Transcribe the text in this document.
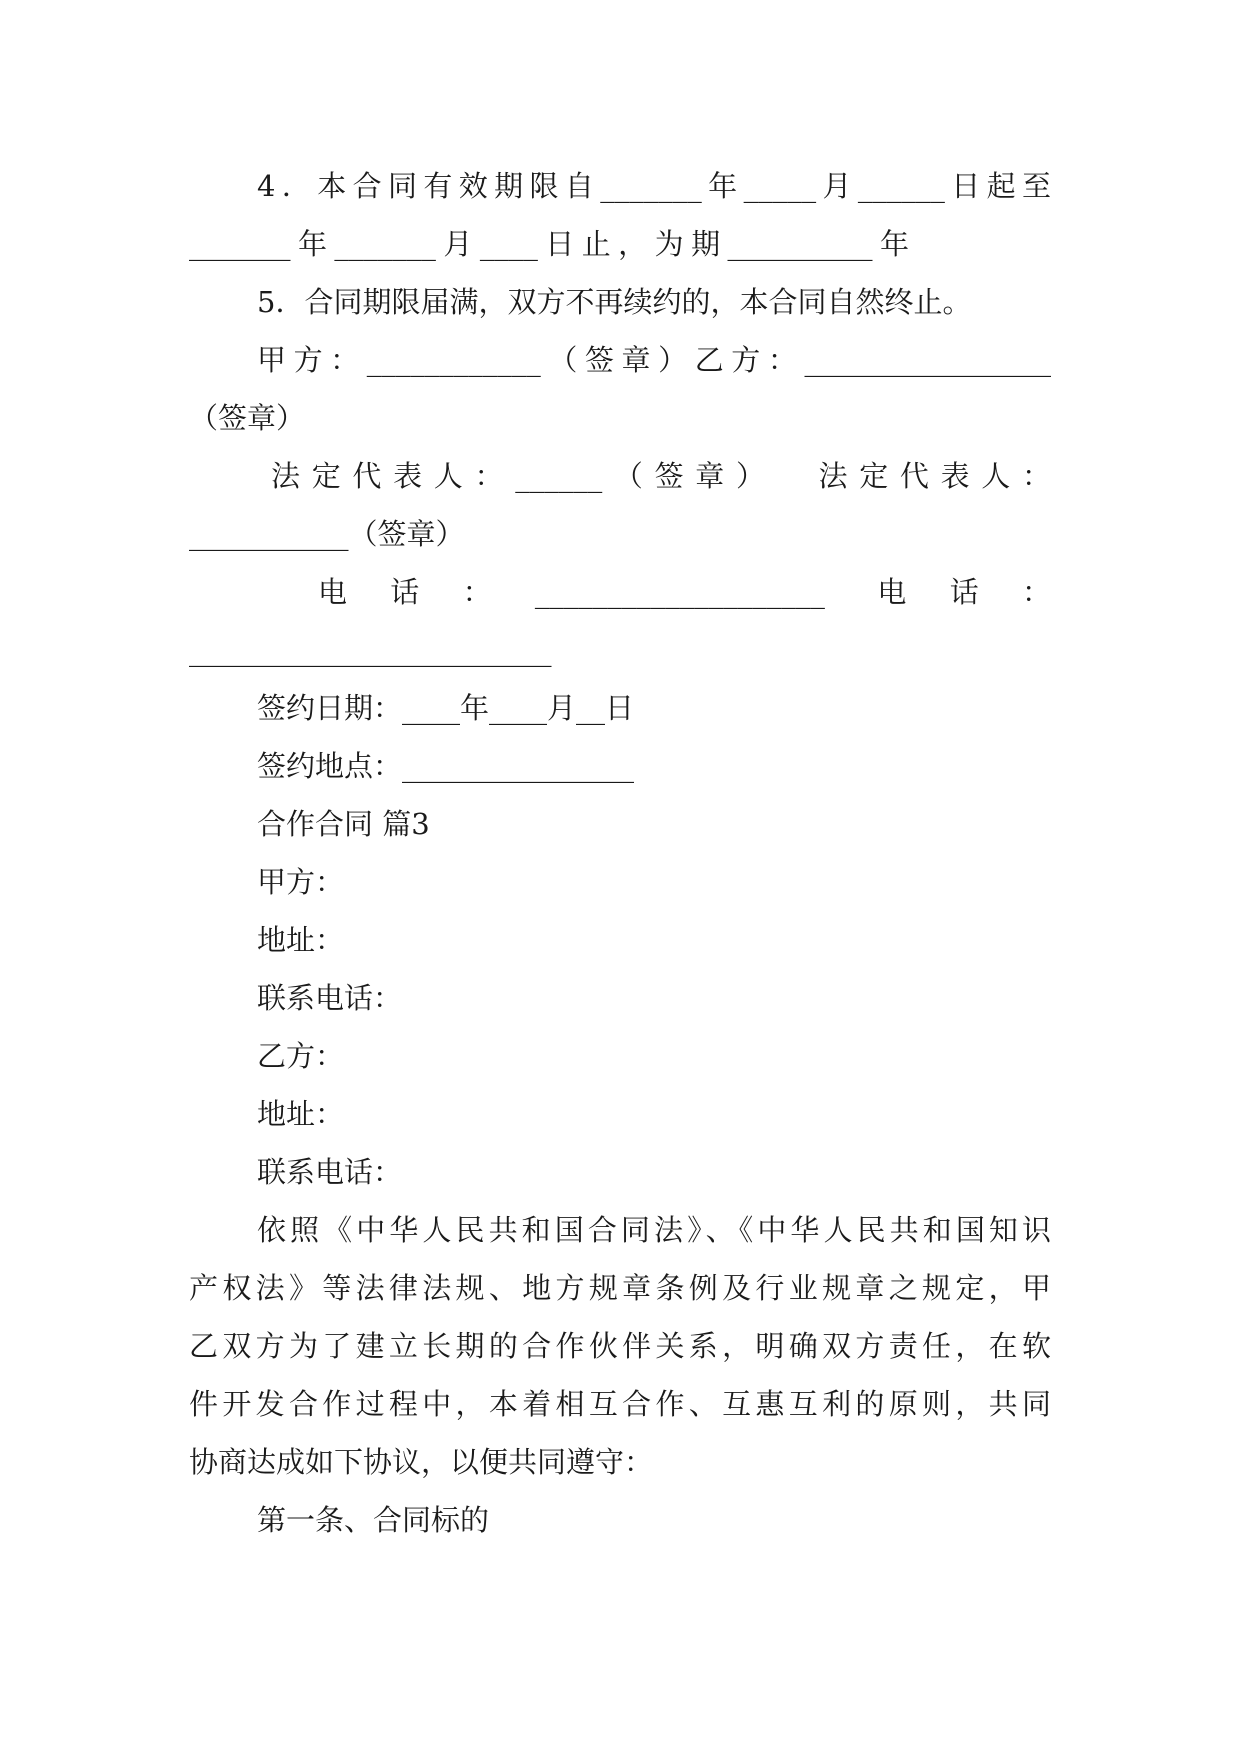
4．本合同有效期限自_______年_____月______日起至
_______年_______月____日止，为期__________年
5．合同期限届满，双方不再续约的，本合同自然终止。
甲方：____________（签章）乙方：_________________
（签章）
法定代表人：______（签章）  法定代表人：
___________（签章）
电  话  ：  ____________________   电  话  ：
_________________________
签约日期：____年____月__日
签约地点：________________
合作合同 篇3
甲方：
地址：
联系电话：
乙方：
地址：
联系电话：
依照《中华人民共和国合同法》、《中华人民共和国知识
产权法》等法律法规、地方规章条例及行业规章之规定，甲
乙双方为了建立长期的合作伙伴关系，明确双方责任，在软
件开发合作过程中，本着相互合作、互惠互利的原则，共同
协商达成如下协议，以便共同遵守：
第一条、合同标的
